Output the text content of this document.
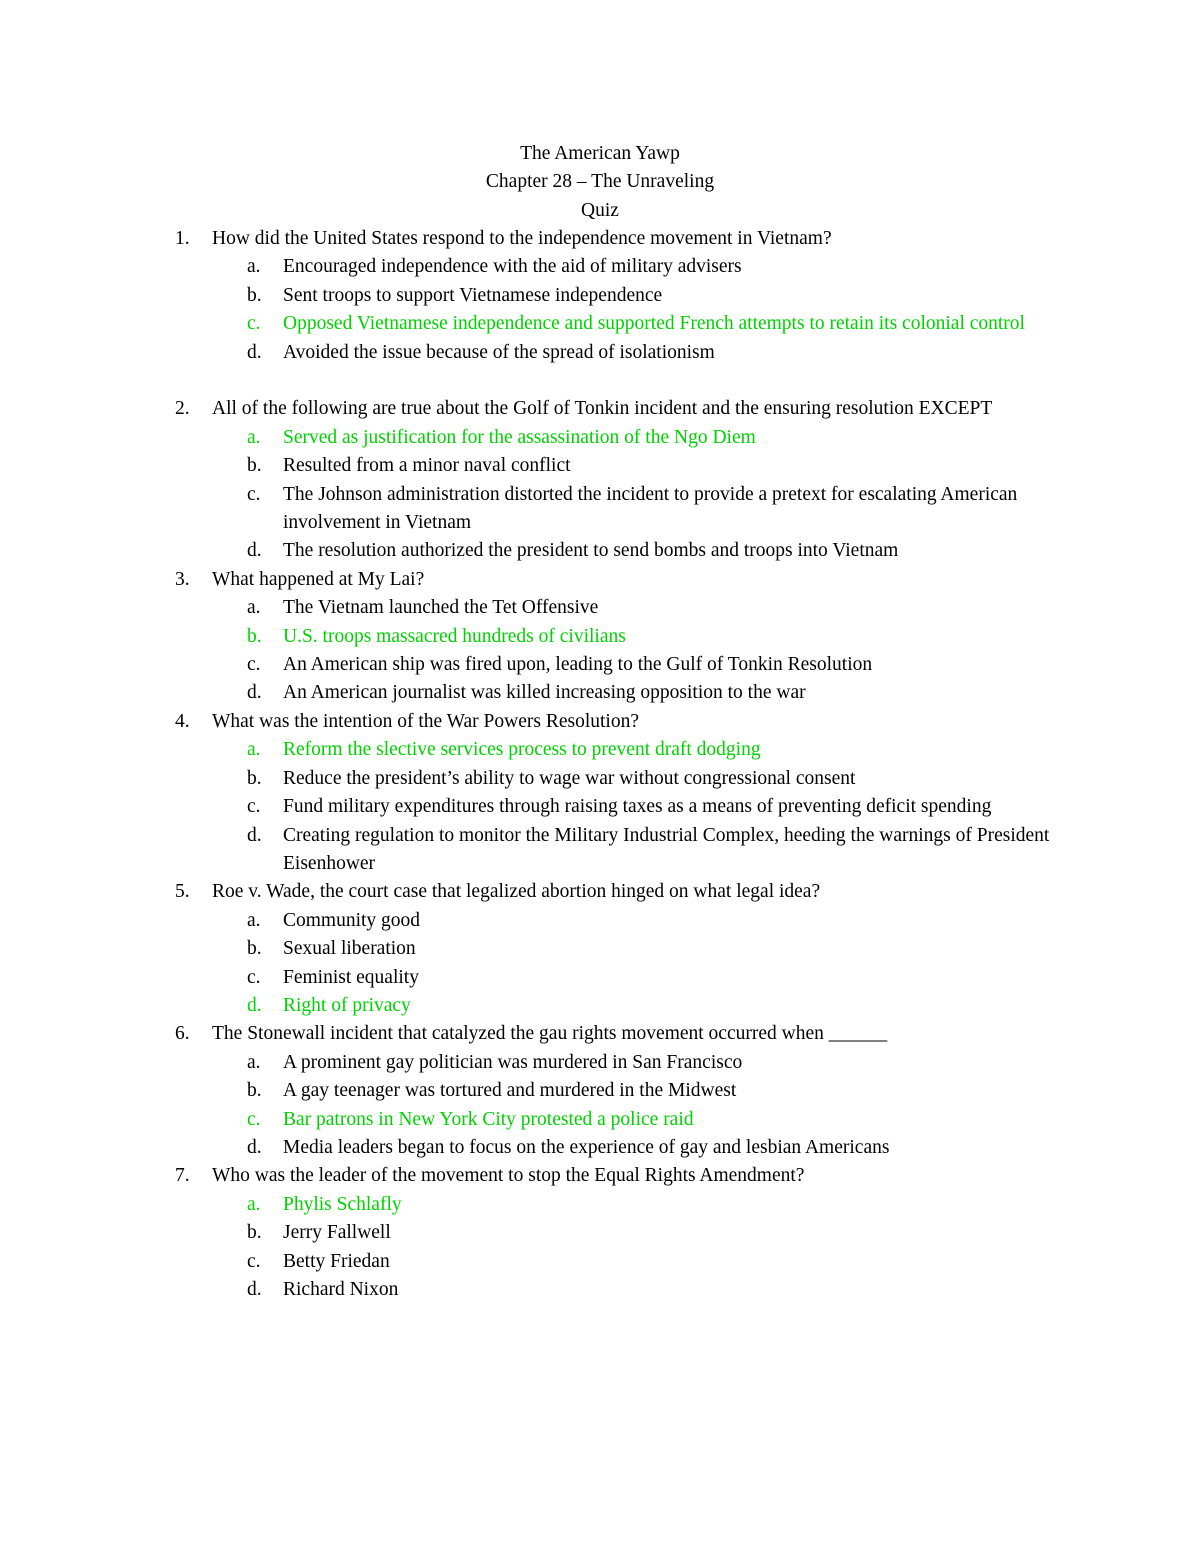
The American Yawp
Chapter 28 – The Unraveling
Quiz
1. How did the United States respond to the independence movement in Vietnam?
a. Encouraged independence with the aid of military advisers
b. Sent troops to support Vietnamese independence
c. Opposed Vietnamese independence and supported French attempts to retain its colonial control
d. Avoided the issue because of the spread of isolationism
2. All of the following are true about the Golf of Tonkin incident and the ensuring resolution EXCEPT
a. Served as justification for the assassination of the Ngo Diem
b. Resulted from a minor naval conflict
c. The Johnson administration distorted the incident to provide a pretext for escalating American involvement in Vietnam
d. The resolution authorized the president to send bombs and troops into Vietnam
3. What happened at My Lai?
a. The Vietnam launched the Tet Offensive
b. U.S. troops massacred hundreds of civilians
c. An American ship was fired upon, leading to the Gulf of Tonkin Resolution
d. An American journalist was killed increasing opposition to the war
4. What was the intention of the War Powers Resolution?
a. Reform the slective services process to prevent draft dodging
b. Reduce the president’s ability to wage war without congressional consent
c. Fund military expenditures through raising taxes as a means of preventing deficit spending
d. Creating regulation to monitor the Military Industrial Complex, heeding the warnings of President Eisenhower
5. Roe v. Wade, the court case that legalized abortion hinged on what legal idea?
a. Community good
b. Sexual liberation
c. Feminist equality
d. Right of privacy
6. The Stonewall incident that catalyzed the gau rights movement occurred when ______
a. A prominent gay politician was murdered in San Francisco
b. A gay teenager was tortured and murdered in the Midwest
c. Bar patrons in New York City protested a police raid
d. Media leaders began to focus on the experience of gay and lesbian Americans
7. Who was the leader of the movement to stop the Equal Rights Amendment?
a. Phylis Schlafly
b. Jerry Fallwell
c. Betty Friedan
d. Richard Nixon
